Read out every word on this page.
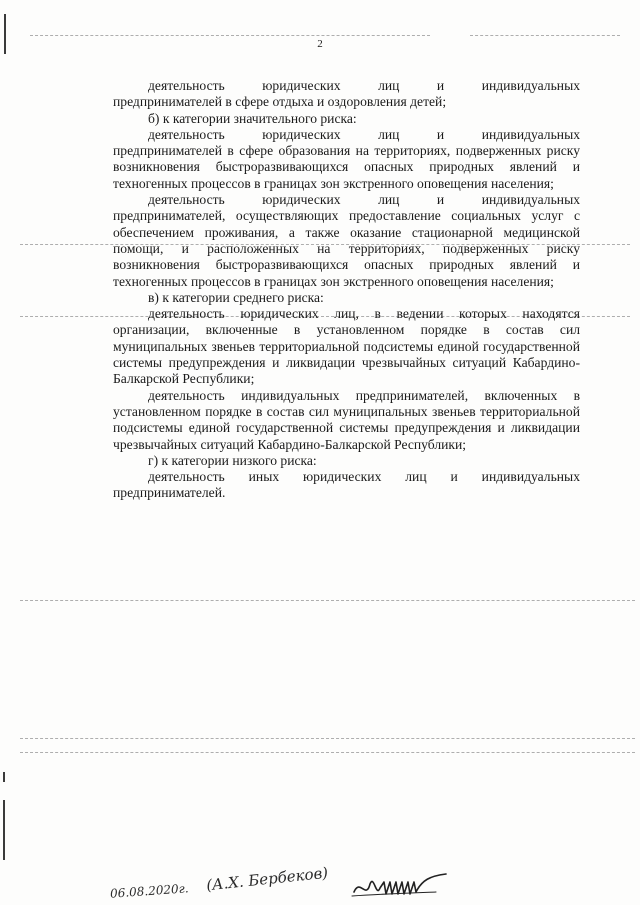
2

деятельность юридических лиц и индивидуальных

предпринимателей в сфере отдыха и оздоровления детей;

б) к категории значительного риска:

деятельность юридических лиц и индивидуальных

предпринимателей в сфере образования на территориях, подверженных риску возникновения быстроразвивающихся опасных природных явлений и техногенных процессов в границах зон экстренного оповещения населения;

деятельность юридических лиц и индивидуальных

предпринимателей, осуществляющих предоставление социальных услуг с обеспечением проживания, а также оказание стационарной медицинской помощи, и расположенных на территориях, подверженных риску возникновения быстроразвивающихся опасных природных явлений и техногенных процессов в границах зон экстренного оповещения населения;

в) к категории среднего риска:

деятельность юридических лиц, в ведении которых находятся организации, включенные в установленном порядке в состав сил муниципальных звеньев территориальной подсистемы единой государственной системы предупреждения и ликвидации чрезвычайных ситуаций Кабардино-Балкарской Республики;

деятельность индивидуальных предпринимателей, включенных в установленном порядке в состав сил муниципальных звеньев территориальной подсистемы единой государственной системы предупреждения и ликвидации чрезвычайных ситуаций Кабардино-Балкарской Республики;

г) к категории низкого риска:

деятельность иных юридических лиц и индивидуальных предпринимателей.

06.08.2020г. (А.Х. Бербеков)
